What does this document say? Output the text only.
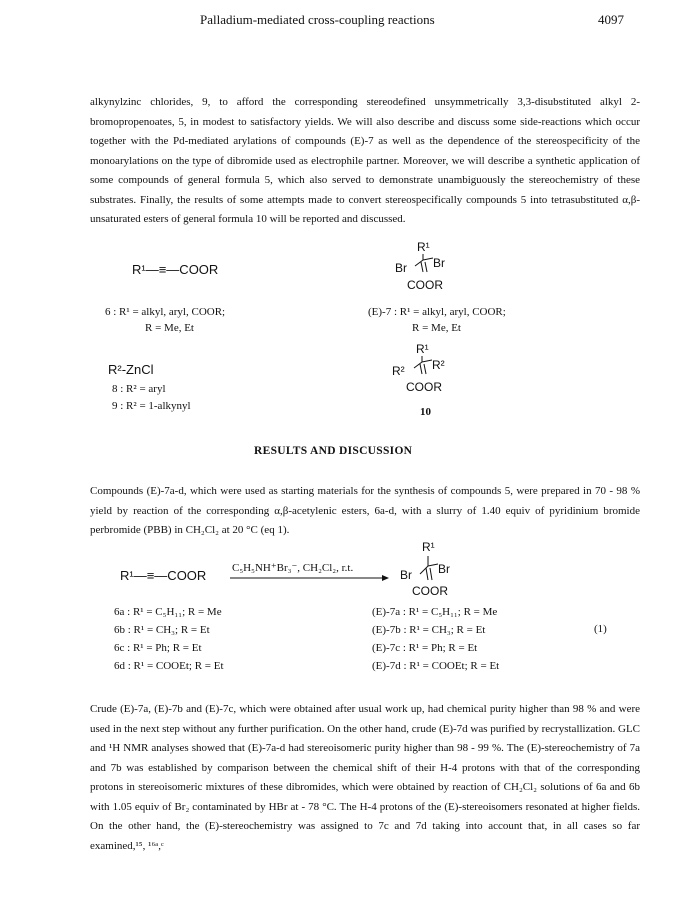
Palladium-mediated cross-coupling reactions	4097

alkynylzinc chlorides, 9, to afford the corresponding stereodefined unsymmetrically 3,3-disubstituted alkyl 2-bromopropenoates, 5, in modest to satisfactory yields. We will also describe and discuss some side-reactions which occur together with the Pd-mediated arylations of compounds (E)-7 as well as the dependence of the stereospecificity of the monoarylations on the type of dibromide used as electrophile partner. Moreover, we will describe a synthetic application of some compounds of general formula 5, which also served to demonstrate unambiguously the stereochemistry of these substrates. Finally, the results of some attempts made to convert stereospecifically compounds 5 into tetrasubstituted α,β-unsaturated esters of general formula 10 will be reported and discussed.

R¹—≡—COOR
6 : R¹ = alkyl, aryl, COOR;
R = Me, Et
R¹
Br Br
COOR
(E)-7 : R¹ = alkyl, aryl, COOR;
R = Me, Et
R²-ZnCl
8 : R² = aryl
9 : R² = 1-alkynyl
R¹
R² R²
COOR
10
RESULTS AND DISCUSSION

Compounds (E)-7a-d, which were used as starting materials for the synthesis of compounds 5, were prepared in 70 - 98 % yield by reaction of the corresponding α,β-acetylenic esters, 6a-d, with a slurry of 1.40 equiv of pyridinium bromide perbromide (PBB) in CH₂Cl₂ at 20 °C (eq 1).

R¹—≡—COOR C₅H₅NH⁺Br₃⁻, CH₂Cl₂, r.t.
R¹
Br Br
COOR
(1)
6a : R¹ = C₅H₁₁; R = Me
6b : R¹ = CH₃; R = Et
6c : R¹ = Ph; R = Et
6d : R¹ = COOEt; R = Et
(E)-7a : R¹ = C₅H₁₁; R = Me
(E)-7b : R¹ = CH₃; R = Et
(E)-7c : R¹ = Ph; R = Et
(E)-7d : R¹ = COOEt; R = Et

Crude (E)-7a, (E)-7b and (E)-7c, which were obtained after usual work up, had chemical purity higher than 98 % and were used in the next step without any further purification. On the other hand, crude (E)-7d was purified by recrystallization. GLC and ¹H NMR analyses showed that (E)-7a-d had stereoisomeric purity higher than 98 - 99 %. The (E)-stereochemistry of 7a and 7b was established by comparison between the chemical shift of their H-4 protons with that of the corresponding protons in stereoisomeric mixtures of these dibromides, which were obtained by reaction of CH₂Cl₂ solutions of 6a and 6b with 1.05 equiv of Br₂ contaminated by HBr at - 78 °C. The H-4 protons of the (E)-stereoisomers resonated at higher fields. On the other hand, the (E)-stereochemistry was assigned to 7c and 7d taking into account that, in all cases so far examined,¹⁵, ¹⁶ᵃ,ᶜ
